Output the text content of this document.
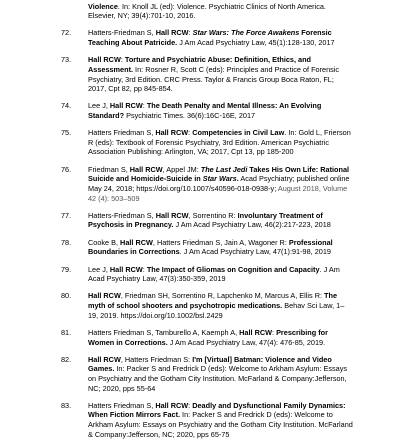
Violence. In: Knoll JL (ed): Violence. Psychiatric Clinics of North America. Elsevier, NY; 39(4):701-10, 2016.
72. Hatters-Friedman S, Hall RCW: Star Wars: The Force Awakens Forensic Teaching About Patricide. J Am Acad Psychiatry Law, 45(1):128-130, 2017
73. Hall RCW: Torture and Psychiatric Abuse: Definition, Ethics, and Assessment. In: Rosner R, Scott C (eds): Principles and Practice of Forensic Psychiatry, 3rd Edition. CRC Press. Taylor & Francis Group Boca Raton, FL; 2017, Cpt 82, pp 845-854.
74. Lee J, Hall RCW: The Death Penalty and Mental Illness: An Evolving Standard? Psychiatric Times. 36(6):16C-16E, 2017
75. Hatters Friedman S, Hall RCW: Competencies in Civil Law. In: Gold L, Frierson R (eds): Textbook of Forensic Psychiatry, 3rd Edition. American Psychiatric Association Publishing: Arlington, VA; 2017, Cpt 13, pp 185-200
76. Friedman S, Hall RCW, Appel JM: The Last Jedi Takes His Own Life: Rational Suicide and Homicide-Suicide in Star Wars. Acad Psychiatry; published online May 24, 2018; https://doi.org/10.1007/s40596-018-0938-y; August 2018, Volume 42 (4): 503–509
77. Hatters-Friedman S, Hall RCW, Sorrentino R: Involuntary Treatment of Psychosis in Pregnancy. J Am Acad Psychiatry Law, 46(2):217-223, 2018
78. Cooke B, Hall RCW, Hatters Friedman S, Jain A, Wagoner R: Professional Boundaries in Corrections. J Am Acad Psychiatry Law, 47(1):91-98, 2019
79. Lee J, Hall RCW: The Impact of Gliomas on Cognition and Capacity. J Am Acad Psychiatry Law, 47(3):350-359, 2019
80. Hall RCW, Friedman SH, Sorrentino R, Lapchenko M, Marcus A, Ellis R: The myth of school shooters and psychotropic medications. Behav Sci Law, 1–19, 2019. https://doi.org/10.1002/bsl.2429
81. Hatters Friedman S, Tamburello A, Kaemph A, Hall RCW: Prescribing for Women in Corrections. J Am Acad Psychiatry Law, 47(4): 476-85, 2019.
82. Hall RCW, Hatters Friedman S: I'm [Virtual] Batman: Violence and Video Games. In: Packer S and Fredrick D (eds): Welcome to Arkham Asylum: Essays on Psychiatry and the Gotham City Institution. McFarland & Company:Jefferson, NC; 2020, pps 55-64
83. Hatters Friedman S, Hall RCW: Deadly and Dysfunctional Family Dynamics: When Fiction Mirrors Fact. In: Packer S and Fredrick D (eds): Welcome to Arkham Asylum: Essays on Psychiatry and the Gotham City Institution. McFarland & Company:Jefferson, NC; 2020, pps 65-75
